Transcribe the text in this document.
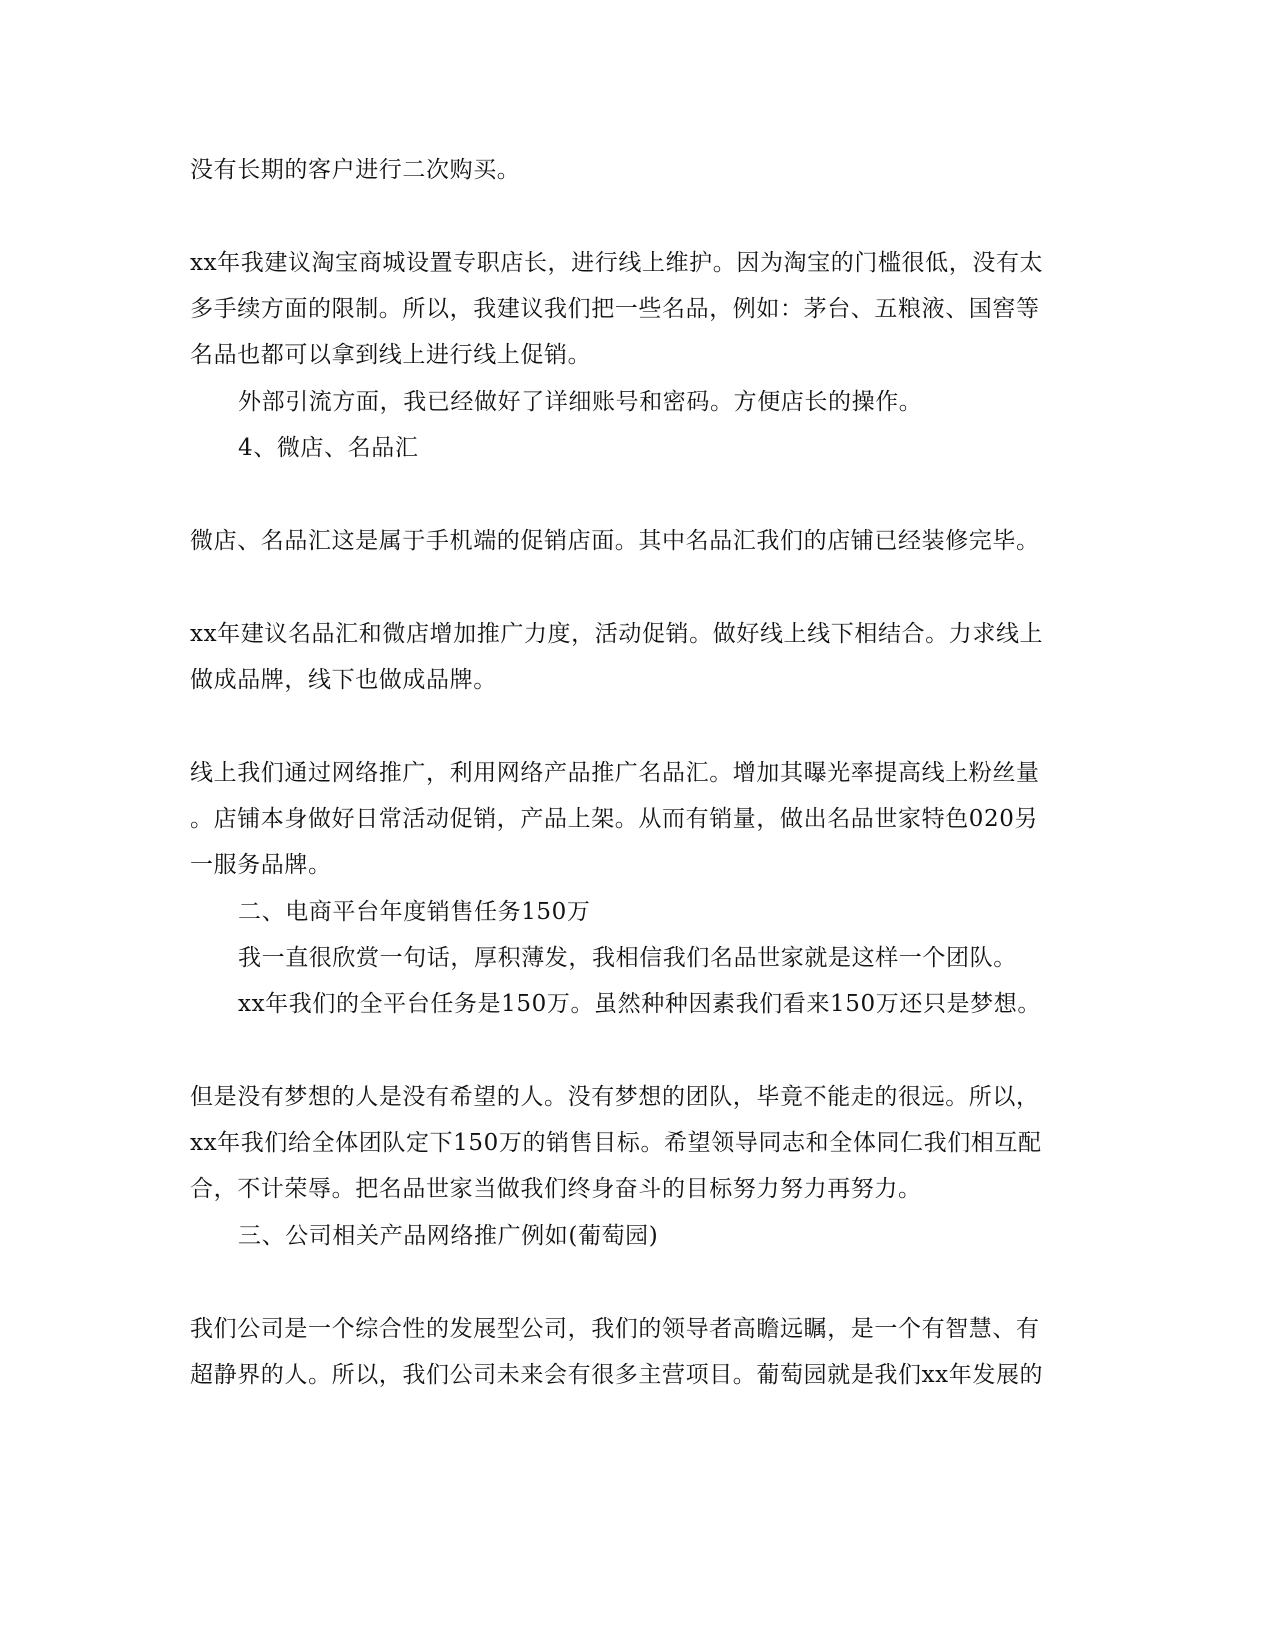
没有长期的客户进行二次购买。
xx年我建议淘宝商城设置专职店长，进行线上维护。因为淘宝的门槛很低，没有太
多手续方面的限制。所以，我建议我们把一些名品，例如：茅台、五粮液、国窖等
名品也都可以拿到线上进行线上促销。
外部引流方面，我已经做好了详细账号和密码。方便店长的操作。
4、微店、名品汇
微店、名品汇这是属于手机端的促销店面。其中名品汇我们的店铺已经装修完毕。
xx年建议名品汇和微店增加推广力度，活动促销。做好线上线下相结合。力求线上
做成品牌，线下也做成品牌。
线上我们通过网络推广，利用网络产品推广名品汇。增加其曝光率提高线上粉丝量
。店铺本身做好日常活动促销，产品上架。从而有销量，做出名品世家特色020另
一服务品牌。
二、电商平台年度销售任务150万
我一直很欣赏一句话，厚积薄发，我相信我们名品世家就是这样一个团队。
xx年我们的全平台任务是150万。虽然种种因素我们看来150万还只是梦想。
但是没有梦想的人是没有希望的人。没有梦想的团队，毕竟不能走的很远。所以，
xx年我们给全体团队定下150万的销售目标。希望领导同志和全体同仁我们相互配
合，不计荣辱。把名品世家当做我们终身奋斗的目标努力努力再努力。
三、公司相关产品网络推广例如(葡萄园)
我们公司是一个综合性的发展型公司，我们的领导者高瞻远瞩，是一个有智慧、有
超静界的人。所以，我们公司未来会有很多主营项目。葡萄园就是我们xx年发展的
